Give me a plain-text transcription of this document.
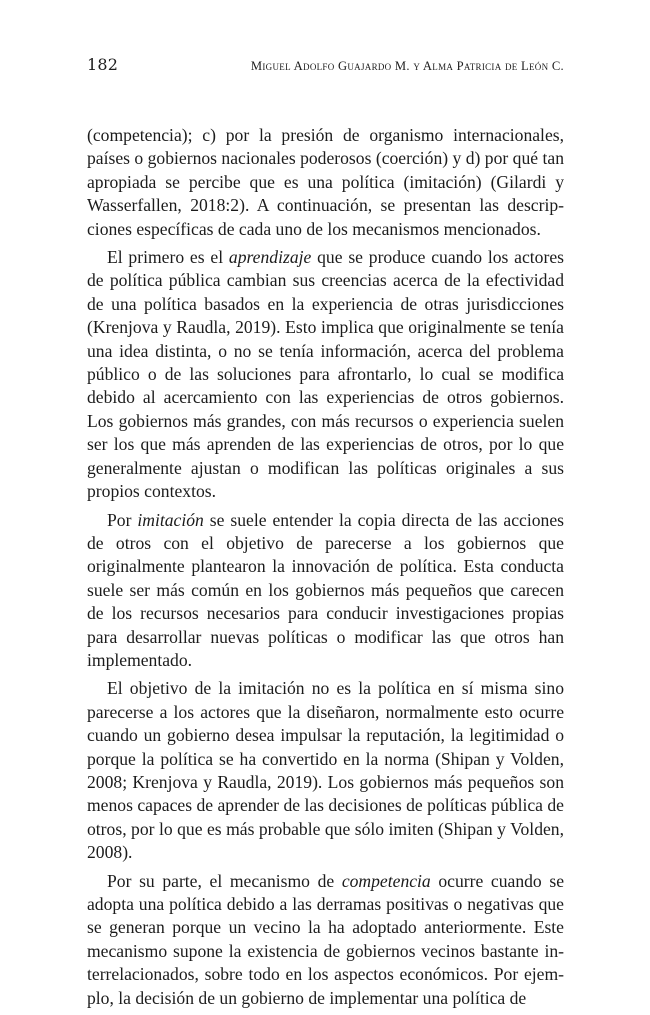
182	Miguel Adolfo Guajardo M. y Alma Patricia de León C.

(competencia); c) por la presión de organismo internacionales, países o gobiernos nacionales poderosos (coerción) y d) por qué tan apropiada se percibe que es una política (imitación) (Gilardi y Wasserfallen, 2018:2). A continuación, se presentan las descripciones específicas de cada uno de los mecanismos mencionados.

El primero es el aprendizaje que se produce cuando los actores de política pública cambian sus creencias acerca de la efectividad de una política basados en la experiencia de otras jurisdicciones (Krenjova y Raudla, 2019). Esto implica que originalmente se tenía una idea distinta, o no se tenía información, acerca del problema público o de las soluciones para afrontarlo, lo cual se modifica debido al acercamiento con las experiencias de otros gobiernos. Los gobiernos más grandes, con más recursos o experiencia suelen ser los que más aprenden de las experiencias de otros, por lo que generalmente ajustan o modifican las políticas originales a sus propios contextos.

Por imitación se suele entender la copia directa de las acciones de otros con el objetivo de parecerse a los gobiernos que originalmente plantearon la innovación de política. Esta conducta suele ser más común en los gobiernos más pequeños que carecen de los recursos necesarios para conducir investigaciones propias para desarrollar nuevas políticas o modificar las que otros han implementado.

El objetivo de la imitación no es la política en sí misma sino parecerse a los actores que la diseñaron, normalmente esto ocurre cuando un gobierno desea impulsar la reputación, la legitimidad o porque la política se ha convertido en la norma (Shipan y Volden, 2008; Krenjova y Raudla, 2019). Los gobiernos más pequeños son menos capaces de aprender de las decisiones de políticas pública de otros, por lo que es más probable que sólo imiten (Shipan y Volden, 2008).

Por su parte, el mecanismo de competencia ocurre cuando se adopta una política debido a las derramas positivas o negativas que se generan porque un vecino la ha adoptado anteriormente. Este mecanismo supone la existencia de gobiernos vecinos bastante interrelacionados, sobre todo en los aspectos económicos. Por ejemplo, la decisión de un gobierno de implementar una política de
